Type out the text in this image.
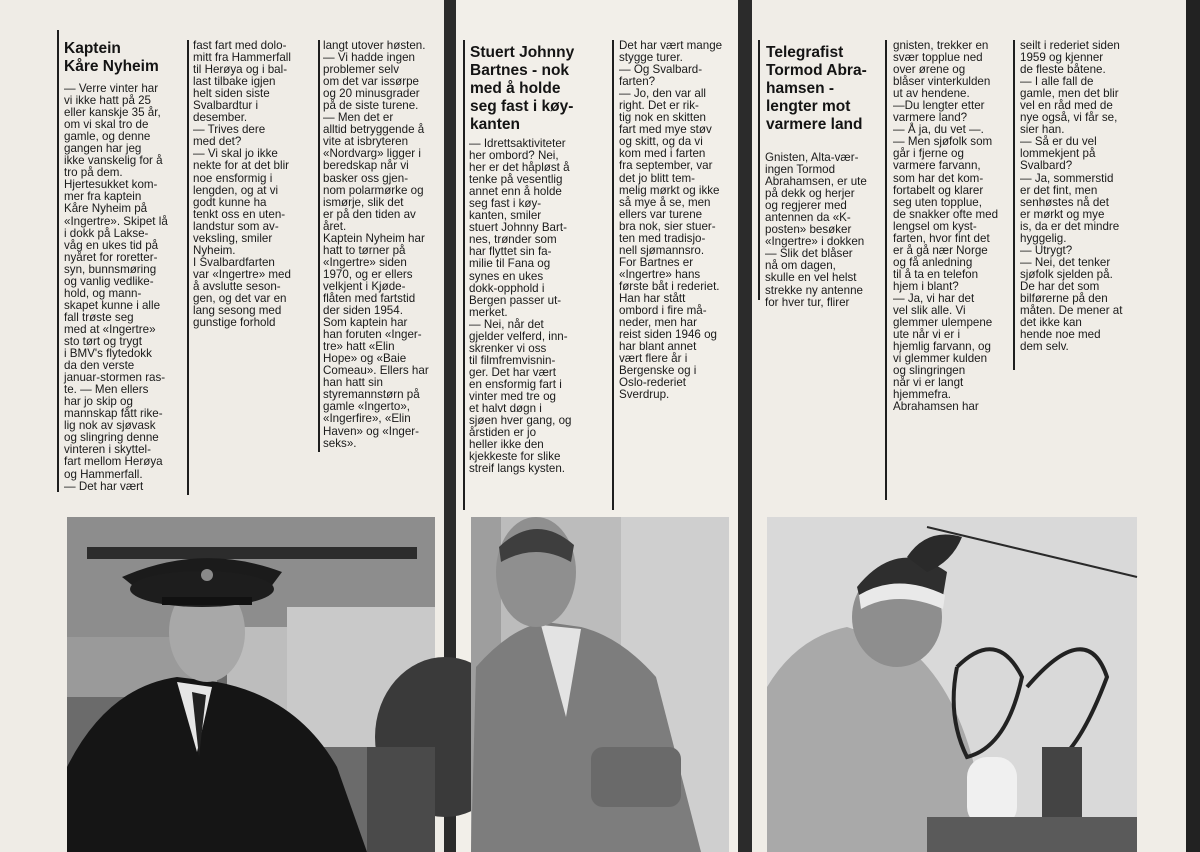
Kaptein
Kåre Nyheim

— Verre vinter har
vi ikke hatt på 25
eller kanskje 35 år,
om vi skal tro de
gamle, og denne
gangen har jeg
ikke vanskelig for å
tro på dem.
Hjertesukket kom-
mer fra kaptein
Kåre Nyheim på
«Ingertre». Skipet lå
i dokk på Lakse-
våg en ukes tid på
nyåret for roretter-
syn, bunnsmøring
og vanlig vedlike-
hold, og mann-
skapet kunne i alle
fall trøste seg
med at «Ingertre»
sto tørt og trygt
i BMV's flytedokk
da den verste
januar-stormen ras-
te. — Men ellers
har jo skip og
mannskap fått rike-
lig nok av sjøvask
og slingring denne
vinteren i skyttel-
fart mellom Herøya
og Hammerfall.
— Det har vært

fast fart med dolo-
mitt fra Hammerfall
til Herøya og i bal-
last tilbake igjen
helt siden siste
Svalbardtur i
desember.
— Trives dere
med det?
— Vi skal jo ikke
nekte for at det blir
noe ensformig i
lengden, og at vi
godt kunne ha
tenkt oss en uten-
landstur som av-
veksling, smiler
Nyheim.
I Svalbardfarten
var «Ingertre» med
å avslutte seson-
gen, og det var en
lang sesong med
gunstige forhold

langt utover høsten.
— Vi hadde ingen
problemer selv
om det var issørpe
og 20 minusgrader
på de siste turene.
— Men det er
alltid betryggende å
vite at isbryteren
«Nordvarg» ligger i
beredskap når vi
basker oss gjen-
nom polarmørke og
ismørje, slik det
er på den tiden av
året.
Kaptein Nyheim har
hatt to tørner på
«Ingertre» siden
1970, og er ellers
velkjent i Kjøde-
flåten med fartstid
der siden 1954.
Som kaptein har
han foruten «Inger-
tre» hatt «Elin
Hope» og «Baie
Comeau». Ellers har
han hatt sin
styremannstørn på
gamle «Ingerto»,
«Ingerfire», «Elin
Haven» og «Inger-
seks».

Stuert Johnny
Bartnes - nok
med å holde
seg fast i køy-
kanten

— Idrettsaktiviteter
her ombord? Nei,
her er det håpløst å
tenke på vesentlig
annet enn å holde
seg fast i køy-
kanten, smiler
stuert Johnny Bart-
nes, trønder som
har flyttet sin fa-
milie til Fana og
synes en ukes
dokk-opphold i
Bergen passer ut-
merket.
— Nei, når det
gjelder velferd, inn-
skrenker vi oss
til filmfremvisnin-
ger. Det har vært
en ensformig fart i
vinter med tre og
et halvt døgn i
sjøen hver gang, og
årstiden er jo
heller ikke den
kjekkeste for slike
streif langs kysten.

Det har vært mange
stygge turer.
— Og Svalbard-
farten?
— Jo, den var all
right. Det er rik-
tig nok en skitten
fart med mye støv
og skitt, og da vi
kom med i farten
fra september, var
det jo blitt tem-
melig mørkt og ikke
så mye å se, men
ellers var turene
bra nok, sier stuer-
ten med tradisjo-
nell sjømannsro.
For Bartnes er
«Ingertre» hans
første båt i rederiet.
Han har stått
ombord i fire må-
neder, men har
reist siden 1946 og
har blant annet
vært flere år i
Bergenske og i
Oslo-rederiet
Sverdrup.

Telegrafist
Tormod Abra-
hamsen -
lengter mot
varmere land

Gnisten, Alta-vær-
ingen Tormod
Abrahamsen, er ute
på dekk og herjer
og regjerer med
antennen da «K-
posten» besøker
«Ingertre» i dokken
— Slik det blåser
nå om dagen,
skulle en vel helst
strekke ny antenne
for hver tur, flirer

gnisten, trekker en
svær topplue ned
over ørene og
blåser vinterkulden
ut av hendene.
—Du lengter etter
varmere land?
— Å ja, du vet —.
— Men sjøfolk som
går i fjerne og
varmere farvann,
som har det kom-
fortabelt og klarer
seg uten topplue,
de snakker ofte med
lengsel om kyst-
farten, hvor fint det
er å gå nær Norge
og få anledning
til å ta en telefon
hjem i blant?
— Ja, vi har det
vel slik alle. Vi
glemmer ulempene
ute når vi er i
hjemlig farvann, og
vi glemmer kulden
og slingringen
når vi er langt
hjemmefra.
Abrahamsen har

seilt i rederiet siden
1959 og kjenner
de fleste båtene.
— I alle fall de
gamle, men det blir
vel en råd med de
nye også, vi får se,
sier han.
— Så er du vel
lommekjent på
Svalbard?
— Ja, sommerstid
er det fint, men
senhøstes nå det
er mørkt og mye
is, da er det mindre
hyggelig.
— Utrygt?
— Nei, det tenker
sjøfolk sjelden på.
De har det som
bilførerne på den
måten. De mener at
det ikke kan
hende noe med
dem selv.
